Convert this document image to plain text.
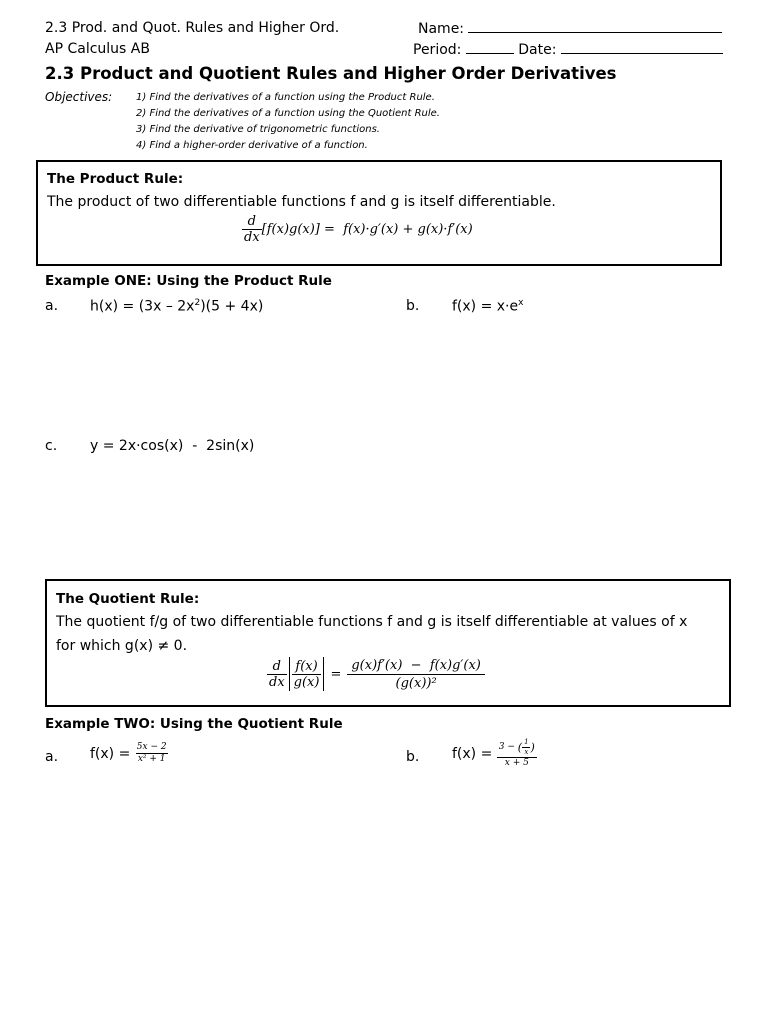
2.3 Prod. and Quot. Rules and Higher Ord.
AP Calculus AB
Name:
Period:	Date:
2.3 Product and Quotient Rules and Higher Order Derivatives
Objectives: 1) Find the derivatives of a function using the Product Rule.
2) Find the derivatives of a function using the Quotient Rule.
3) Find the derivative of trigonometric functions.
4) Find a higher-order derivative of a function.
The Product Rule:
The product of two differentiable functions f and g is itself differentiable.
$\frac{d}{dx} [f(x)g(x)] = f(x)\cdot g'(x) + g(x)\cdot f'(x)$
Example ONE: Using the Product Rule
a. $h(x) = (3x - 2x^2)(5 + 4x)$	b. $f(x) = x\cdot e^x$
c. y = 2x·cos(x)  -  2sin(x)
The Quotient Rule:
The quotient f/g of two differentiable functions f and g is itself differentiable at values of x
for which g(x) ≠ 0.
$\frac{d}{dx} \frac{f(x)}{g(x)} = \frac{g(x)f'(x) - f(x)g'(x)}{\text{(g(x))²}}$
Example TWO: Using the Quotient Rule
a. $f(x) = \frac{5x - 2}{\text{x² + 1}}$	b. $f(x) = \frac{3 - ( \frac{1}{x} )}{x + 5}$
